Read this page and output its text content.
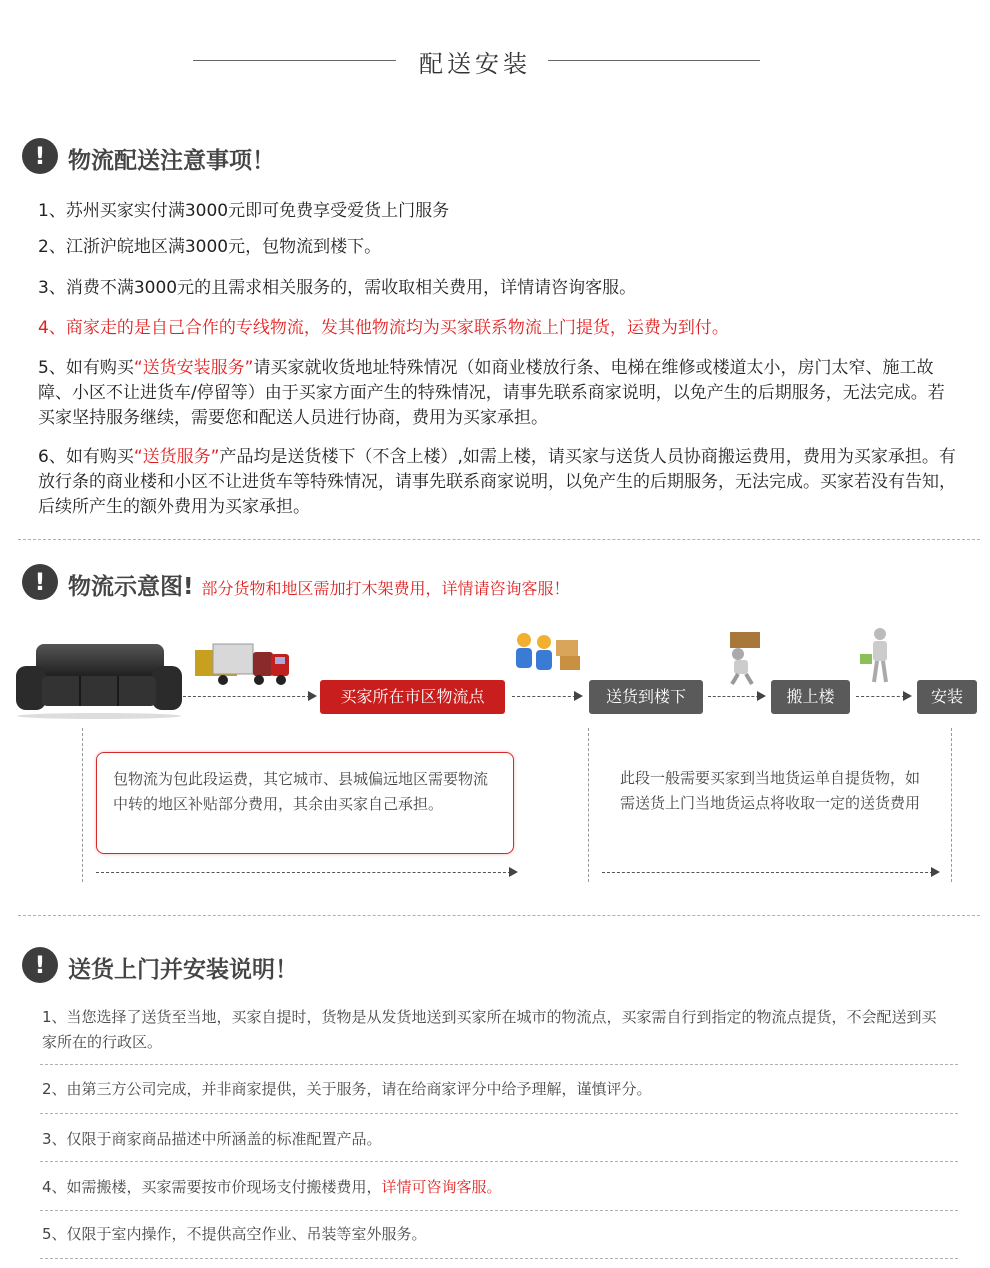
配送安装
! 物流配送注意事项！
1、苏州买家实付满3000元即可免费享受爱货上门服务
2、江浙沪皖地区满3000元，包物流到楼下。
3、消费不满3000元的且需求相关服务的，需收取相关费用，详情请咨询客服。
4、商家走的是自己合作的专线物流，发其他物流均为买家联系物流上门提货，运费为到付。
5、如有购买“送货安装服务”请买家就收货地址特殊情况（如商业楼放行条、电梯在维修或楼道太小，房门太窄、施工故障、小区不让进货车/停留等）由于买家方面产生的特殊情况，请事先联系商家说明，以免产生的后期服务，无法完成。若买家坚持服务继续，需要您和配送人员进行协商，费用为买家承担。
6、如有购买“送货服务”产品均是送货楼下（不含上楼）,如需上楼，请买家与送货人员协商搬运费用，费用为买家承担。有放行条的商业楼和小区不让进货车等特殊情况，请事先联系商家说明，以免产生的后期服务，无法完成。买家若没有告知，后续所产生的额外费用为买家承担。
! 物流示意图! 部分货物和地区需加打木架费用，详情请咨询客服！
买家所在市区物流点	送货到楼下	搬上楼	安装
包物流为包此段运费，其它城市、县城偏远地区需要物流中转的地区补贴部分费用，其余由买家自己承担。
此段一般需要买家到当地货运单自提货物，如需送货上门当地货运点将收取一定的送货费用
! 送货上门并安装说明！
1、当您选择了送货至当地，买家自提时，货物是从发货地送到买家所在城市的物流点，买家需自行到指定的物流点提货，不会配送到买家所在的行政区。
2、由第三方公司完成，并非商家提供，关于服务，请在给商家评分中给予理解，谨慎评分。
3、仅限于商家商品描述中所涵盖的标准配置产品。
4、如需搬楼，买家需要按市价现场支付搬楼费用，详情可咨询客服。
5、仅限于室内操作，不提供高空作业、吊装等室外服务。
